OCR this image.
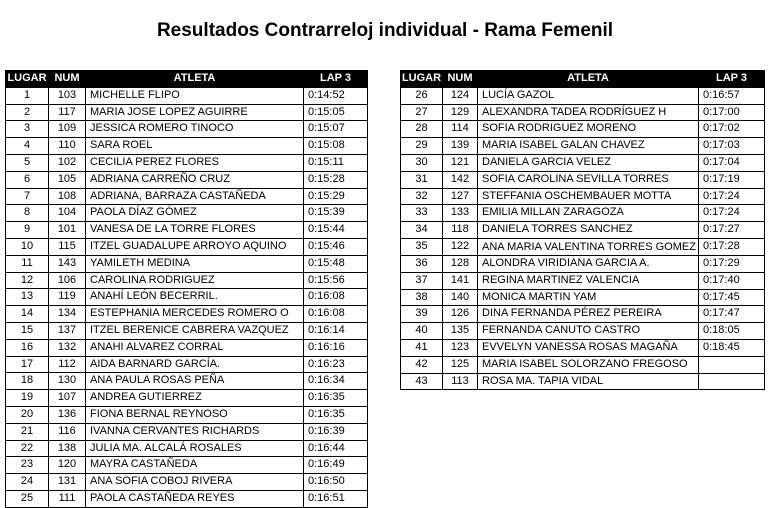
Resultados Contrarreloj individual - Rama Femenil
LUGAR	NUM	ATLETA	LAP 3
1	103	MICHELLE FLIPO	0:14:52
2	117	MARIA JOSE LOPEZ AGUIRRE	0:15:05
3	109	JESSICA ROMERO TINOCO	0:15:07
4	110	SARA ROEL	0:15:08
5	102	CECILIA PEREZ FLORES	0:15:11
6	105	ADRIANA CARREÑO CRUZ	0:15:28
7	108	ADRIANA, BARRAZA CASTAÑEDA	0:15:29
8	104	PAOLA DÍAZ GÓMEZ	0:15:39
9	101	VANESA DE LA TORRE FLORES	0:15:44
10	115	ITZEL GUADALUPE ARROYO AQUINO	0:15:46
11	143	YAMILETH MEDINA	0:15:48
12	106	CAROLINA RODRIGUEZ	0:15:56
13	119	ANAHÍ LEÓN BECERRIL.	0:16:08
14	134	ESTEPHANIA MERCEDES ROMERO O	0:16:08
15	137	ITZEL BERENICE CABRERA VAZQUEZ	0:16:14
16	132	ANAHI ALVAREZ CORRAL	0:16:16
17	112	AIDA BARNARD GARCÍA.	0:16:23
18	130	ANA PAULA ROSAS PEÑA	0:16:34
19	107	ANDREA GUTIERREZ	0:16:35
20	136	FIONA BERNAL REYNOSO	0:16:35
21	116	IVANNA CERVANTES RICHARDS	0:16:39
22	138	JULIA MA. ALCALÁ ROSALES	0:16:44
23	120	MAYRA CASTAÑEDA	0:16:49
24	131	ANA SOFIA COBOJ RIVERA	0:16:50
25	111	PAOLA CASTAÑEDA REYES	0:16:51
LUGAR	NUM	ATLETA	LAP 3
26	124	LUCÍA GAZOL	0:16:57
27	129	ALEXANDRA TADEA RODRÍGUEZ H	0:17:00
28	114	SOFIA RODRIGUEZ MORENO	0:17:02
29	139	MARIA ISABEL GALAN CHAVEZ	0:17:03
30	121	DANIELA GARCIA VELEZ	0:17:04
31	142	SOFIA CAROLINA SEVILLA TORRES	0:17:19
32	127	STEFFANIA OSCHEMBAUER MOTTA	0:17:24
33	133	EMILIA MILLAN ZARAGOZA	0:17:24
34	118	DANIELA TORRES SANCHEZ	0:17:27
35	122	ANA MARIA VALENTINA TORRES GOMEZ	0:17:28
36	128	ALONDRA VIRIDIANA GARCIA A.	0:17:29
37	141	REGINA MARTINEZ VALENCIA	0:17:40
38	140	MONICA MARTIN YAM	0:17:45
39	126	DINA FERNANDA PÉREZ PEREIRA	0:17:47
40	135	FERNANDA CANUTO CASTRO	0:18:05
41	123	EVVELYN VANESSA ROSAS MAGAÑA	0:18:45
42	125	MARIA ISABEL SOLORZANO FREGOSO	
43	113	ROSA MA. TAPIA VIDAL	
